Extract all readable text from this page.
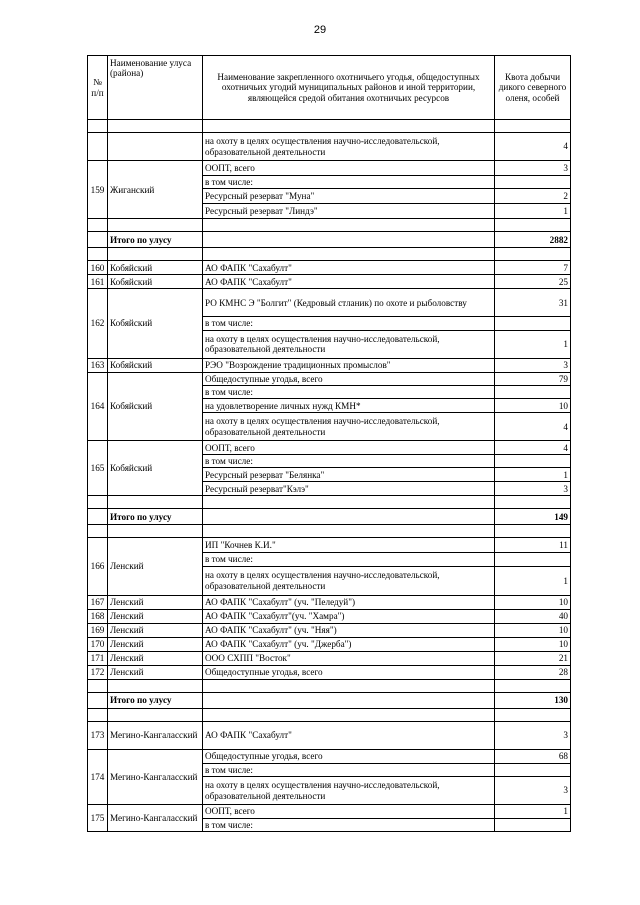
29
№ п/п	Наименование улуса (района)	Наименование закрепленного охотничьего угодья, общедоступных охотничьих угодий муниципальных районов и иной территории, являющейся средой обитания охотничьих ресурсов	Квота добычи дикого северного оленя, особей

		на охоту в целях осуществления научно-исследовательской, образовательной деятельности	4
159	Жиганский	ООПТ, всего	3
		в том числе:	
		Ресурсный резерват "Муна"	2
		Ресурсный резерват "Линдэ"	1

	Итого по улусу		2882

160	Кобяйский	АО ФАПК "Сахабулт"	7
161	Кобяйский	АО ФАПК "Сахабулт"	25
162	Кобяйский	РО КМНС Э "Болгит" (Кедровый стланик) по охоте и рыболовству	31
		в том числе:	
		на охоту в целях осуществления научно-исследовательской, образовательной деятельности	1
163	Кобяйский	РЭО "Возрождение традиционных промыслов"	3
164	Кобяйский	Общедоступные угодья, всего	79
		в том числе:	
		на удовлетворение личных нужд КМН*	10
		на охоту в целях осуществления научно-исследовательской, образовательной деятельности	4
165	Кобяйский	ООПТ, всего	4
		в том числе:	
		Ресурсный резерват "Белянка"	1
		Ресурсный резерват"Кэлэ"	3

	Итого по улусу		149

166	Ленский	ИП "Кочнев К.И."	11
		в том числе:	
		на охоту в целях осуществления научно-исследовательской, образовательной деятельности	1
167	Ленский	АО ФАПК "Сахабулт" (уч. "Пеледуй")	10
168	Ленский	АО ФАПК "Сахабулт"(уч. "Хамра")	40
169	Ленский	АО ФАПК "Сахабулт" (уч. "Няя")	10
170	Ленский	АО ФАПК "Сахабулт" (уч. "Джерба")	10
171	Ленский	ООО СХПП "Восток"	21
172	Ленский	Общедоступные угодья, всего	28

	Итого по улусу		130

173	Мегино-Кангаласский	АО ФАПК "Сахабулт"	3
174	Мегино-Кангаласский	Общедоступные угодья, всего	68
		в том числе:	
		на охоту в целях осуществления научно-исследовательской, образовательной деятельности	3
175	Мегино-Кангаласский	ООПТ, всего	1
		в том числе:	
